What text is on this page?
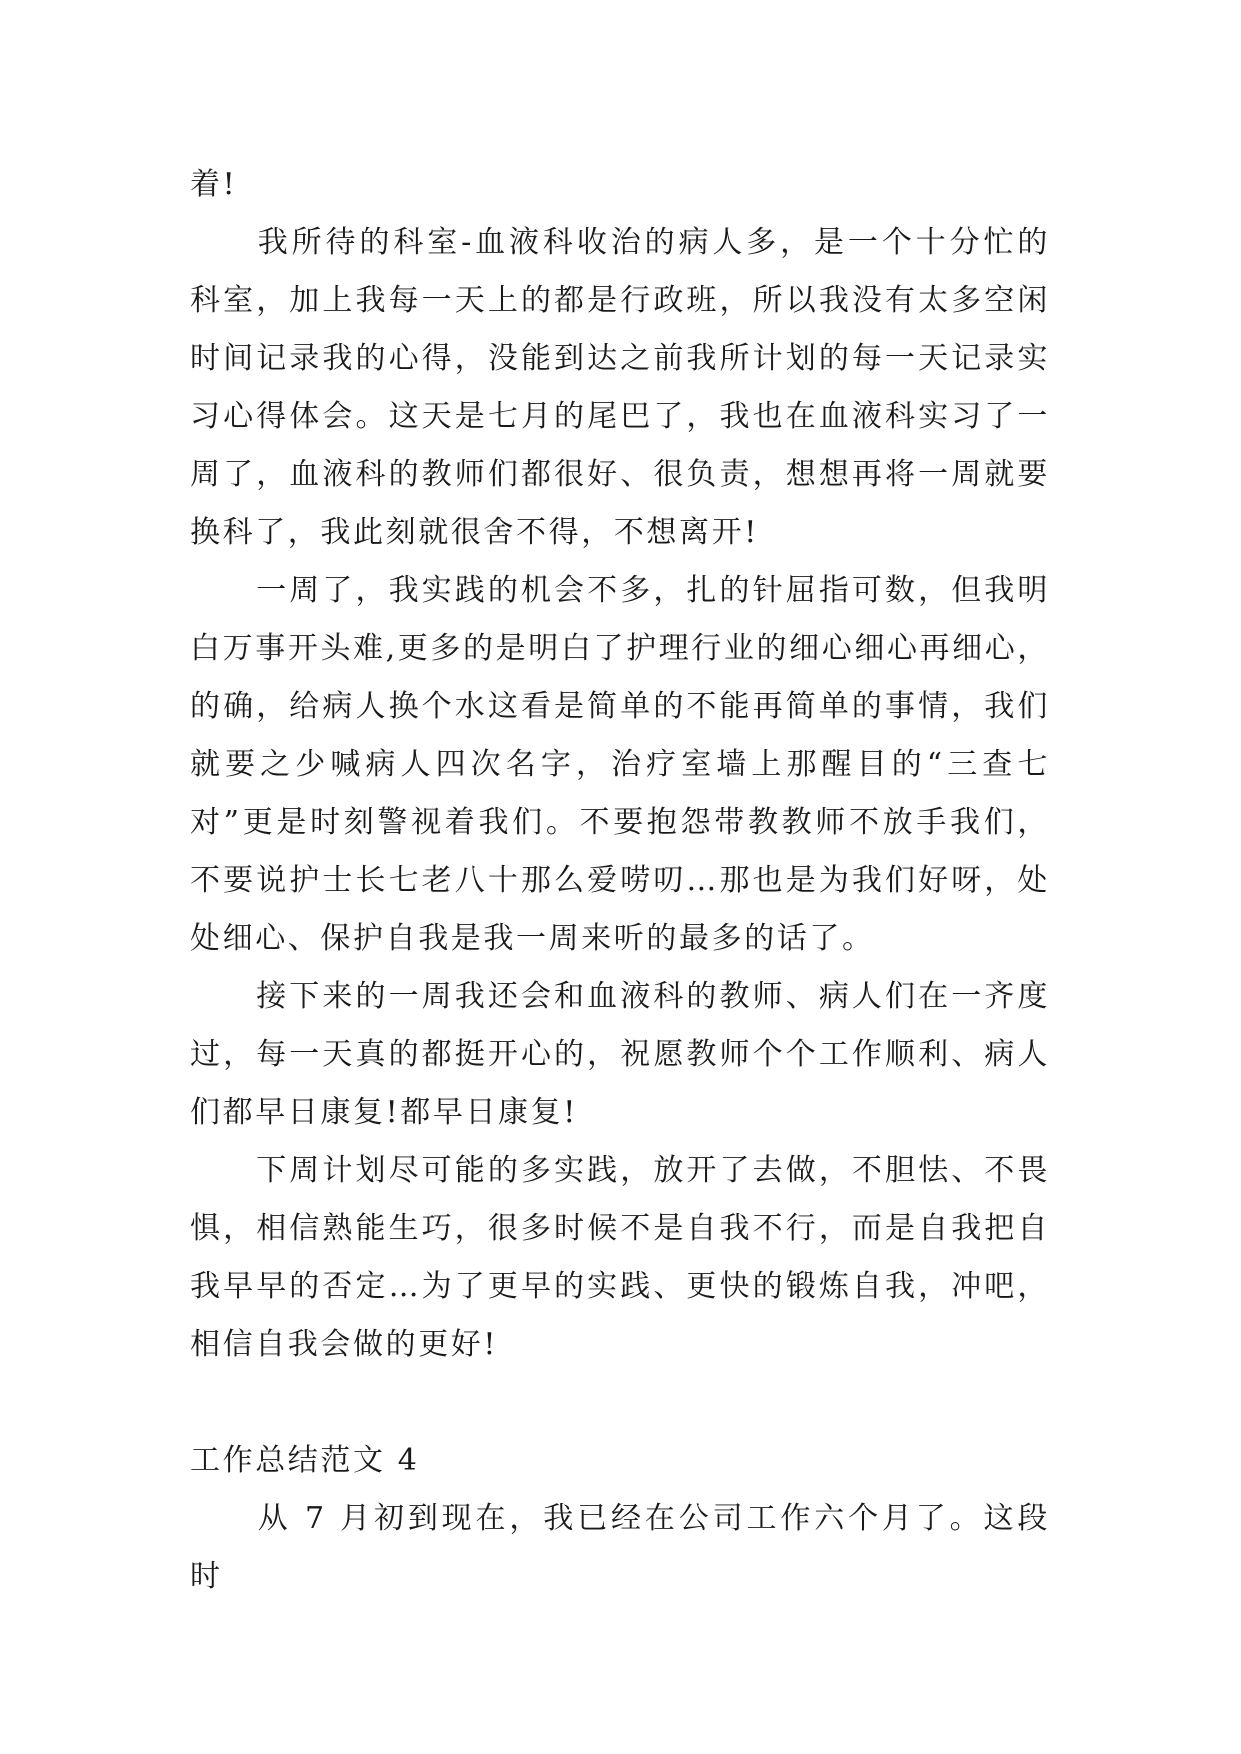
着!

　　我所待的科室-血液科收治的病人多，是一个十分忙的科室，加上我每一天上的都是行政班，所以我没有太多空闲时间记录我的心得，没能到达之前我所计划的每一天记录实习心得体会。这天是七月的尾巴了，我也在血液科实习了一周了，血液科的教师们都很好、很负责，想想再将一周就要换科了，我此刻就很舍不得，不想离开!

　　一周了，我实践的机会不多，扎的针屈指可数，但我明白万事开头难,更多的是明白了护理行业的细心细心再细心，的确，给病人换个水这看是简单的不能再简单的事情，我们就要之少喊病人四次名字，治疗室墙上那醒目的“三查七对”更是时刻警视着我们。不要抱怨带教教师不放手我们，不要说护士长七老八十那么爱唠叨…那也是为我们好呀，处处细心、保护自我是我一周来听的最多的话了。

　　接下来的一周我还会和血液科的教师、病人们在一齐度过，每一天真的都挺开心的，祝愿教师个个工作顺利、病人们都早日康复!都早日康复!

　　下周计划尽可能的多实践，放开了去做，不胆怯、不畏惧，相信熟能生巧，很多时候不是自我不行，而是自我把自我早早的否定…为了更早的实践、更快的锻炼自我，冲吧，相信自我会做的更好!

工作总结范文 4

　　从 7 月初到现在，我已经在公司工作六个月了。这段时
